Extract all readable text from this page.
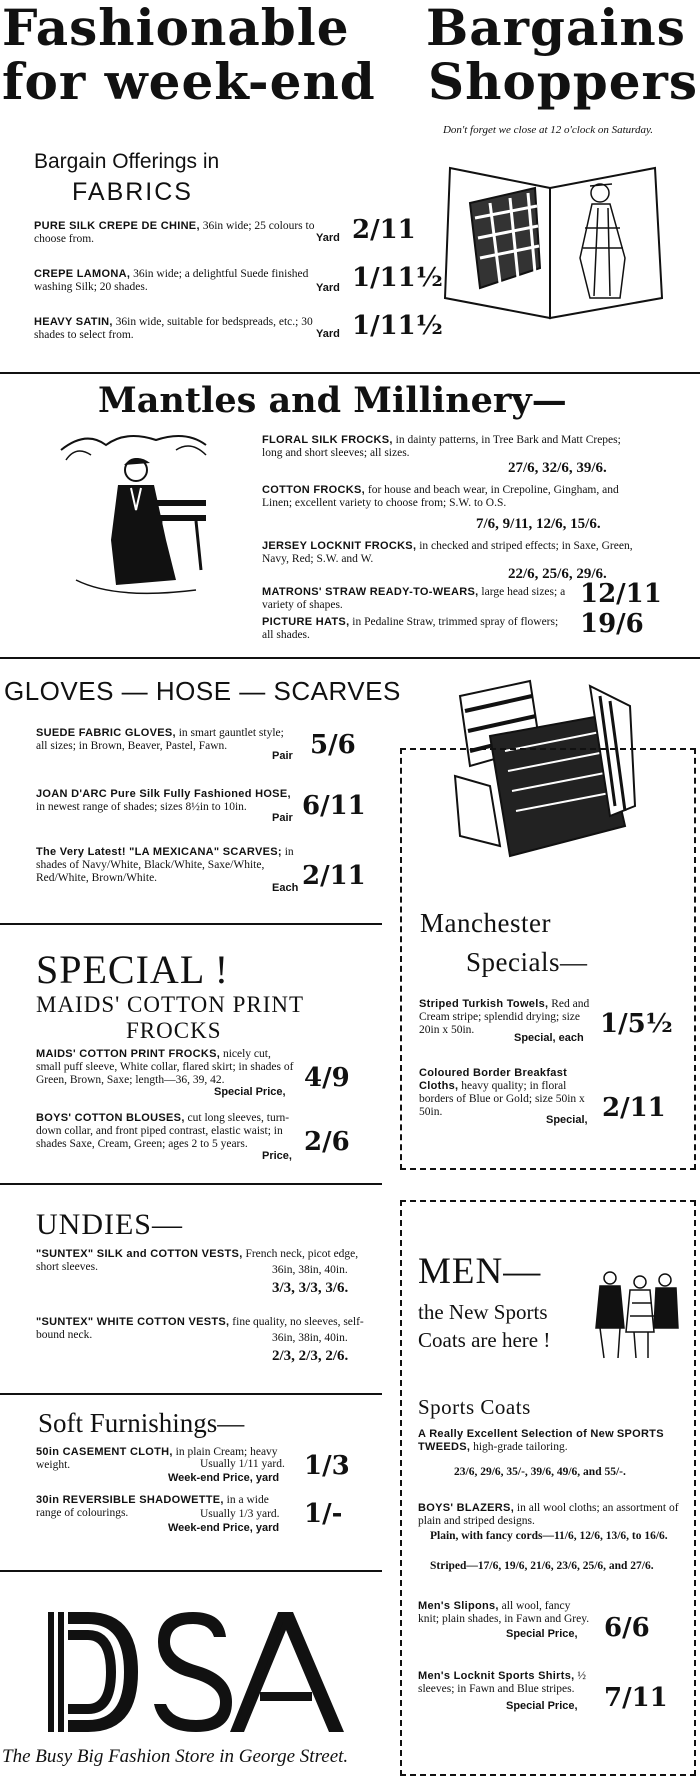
Fashionable Bargains
for week-end Shoppers
Don't forget we close at 12 o'clock on Saturday.
Bargain Offerings in
FABRICS
PURE SILK CREPE DE CHINE, 36in wide; 25 colours to choose from.	Yard 2/11
CREPE LAMONA, 36in wide; a delightful Suede finished washing Silk; 20 shades.	Yard 1/11½
HEAVY SATIN, 36in wide, suitable for bedspreads, etc.; 30 shades to select from.	Yard 1/11½
Mantles and Millinery—
FLORAL SILK FROCKS, in dainty patterns, in Tree Bark and Matt Crepes; long and short sleeves; all sizes.
27/6, 32/6, 39/6.
COTTON FROCKS, for house and beach wear, in Crepoline, Gingham, and Linen; excellent variety to choose from; S.W. to O.S.
7/6, 9/11, 12/6, 15/6.
JERSEY LOCKNIT FROCKS, in checked and striped effects; in Saxe, Green, Navy, Red; S.W. and W.
22/6, 25/6, 29/6.
MATRONS' STRAW READY-TO-WEARS, large head sizes; a variety of shapes.	12/11
PICTURE HATS, in Pedaline Straw, trimmed spray of flowers; all shades.	19/6
GLOVES — HOSE — SCARVES
SUEDE FABRIC GLOVES, in smart gauntlet style; all sizes; in Brown, Beaver, Pastel, Fawn.
Pair 5/6
JOAN D'ARC Pure Silk Fully Fashioned HOSE, in newest range of shades; sizes 8½in to 10in.
Pair 6/11
The Very Latest! "LA MEXICANA" SCARVES; in shades of Navy/White, Black/White, Saxe/White, Red/White, Brown/White.
Each 2/11
Manchester
Specials—
Striped Turkish Towels, Red and Cream stripe; splendid drying; size 20in x 50in.
Special, each 1/5½
Coloured Border Breakfast Cloths, heavy quality; in floral borders of Blue or Gold; size 50in x 50in.
Special, 2/11
SPECIAL !
MAIDS' COTTON PRINT
FROCKS
MAIDS' COTTON PRINT FROCKS, nicely cut, small puff sleeve, White collar, flared skirt; in shades of Green, Brown, Saxe; length—36, 39, 42.
Special Price, 4/9
BOYS' COTTON BLOUSES, cut long sleeves, turn-down collar, and front piped contrast, elastic waist; in shades Saxe, Cream, Green; ages 2 to 5 years.
Price, 2/6
UNDIES—
"SUNTEX" SILK and COTTON VESTS, French neck, picot edge, short sleeves.	36in, 38in, 40in.
3/3, 3/3, 3/6.
"SUNTEX" WHITE COTTON VESTS, fine quality, no sleeves, self-bound neck.	36in, 38in, 40in.
2/3, 2/3, 2/6.
Soft Furnishings—
50in CASEMENT CLOTH, in plain Cream; heavy weight.	Usually 1/11 yard.
Week-end Price, yard 1/3
30in REVERSIBLE SHADOWETTE, in a wide range of colourings.	Usually 1/3 yard.
Week-end Price, yard 1/-
The Busy Big Fashion Store in George Street.
MEN—
the New Sports
Coats are here !
Sports Coats
A Really Excellent Selection of New SPORTS TWEEDS, high-grade tailoring.
23/6, 29/6, 35/-, 39/6, 49/6, and 55/-.
BOYS' BLAZERS, in all wool cloths; an assortment of plain and striped designs.
Plain, with fancy cords—11/6, 12/6, 13/6, to 16/6.
Striped—17/6, 19/6, 21/6, 23/6, 25/6, and 27/6.
Men's Slipons, all wool, fancy knit; plain shades, in Fawn and Grey.
Special Price, 6/6
Men's Locknit Sports Shirts, ½ sleeves; in Fawn and Blue stripes.
Special Price, 7/11
